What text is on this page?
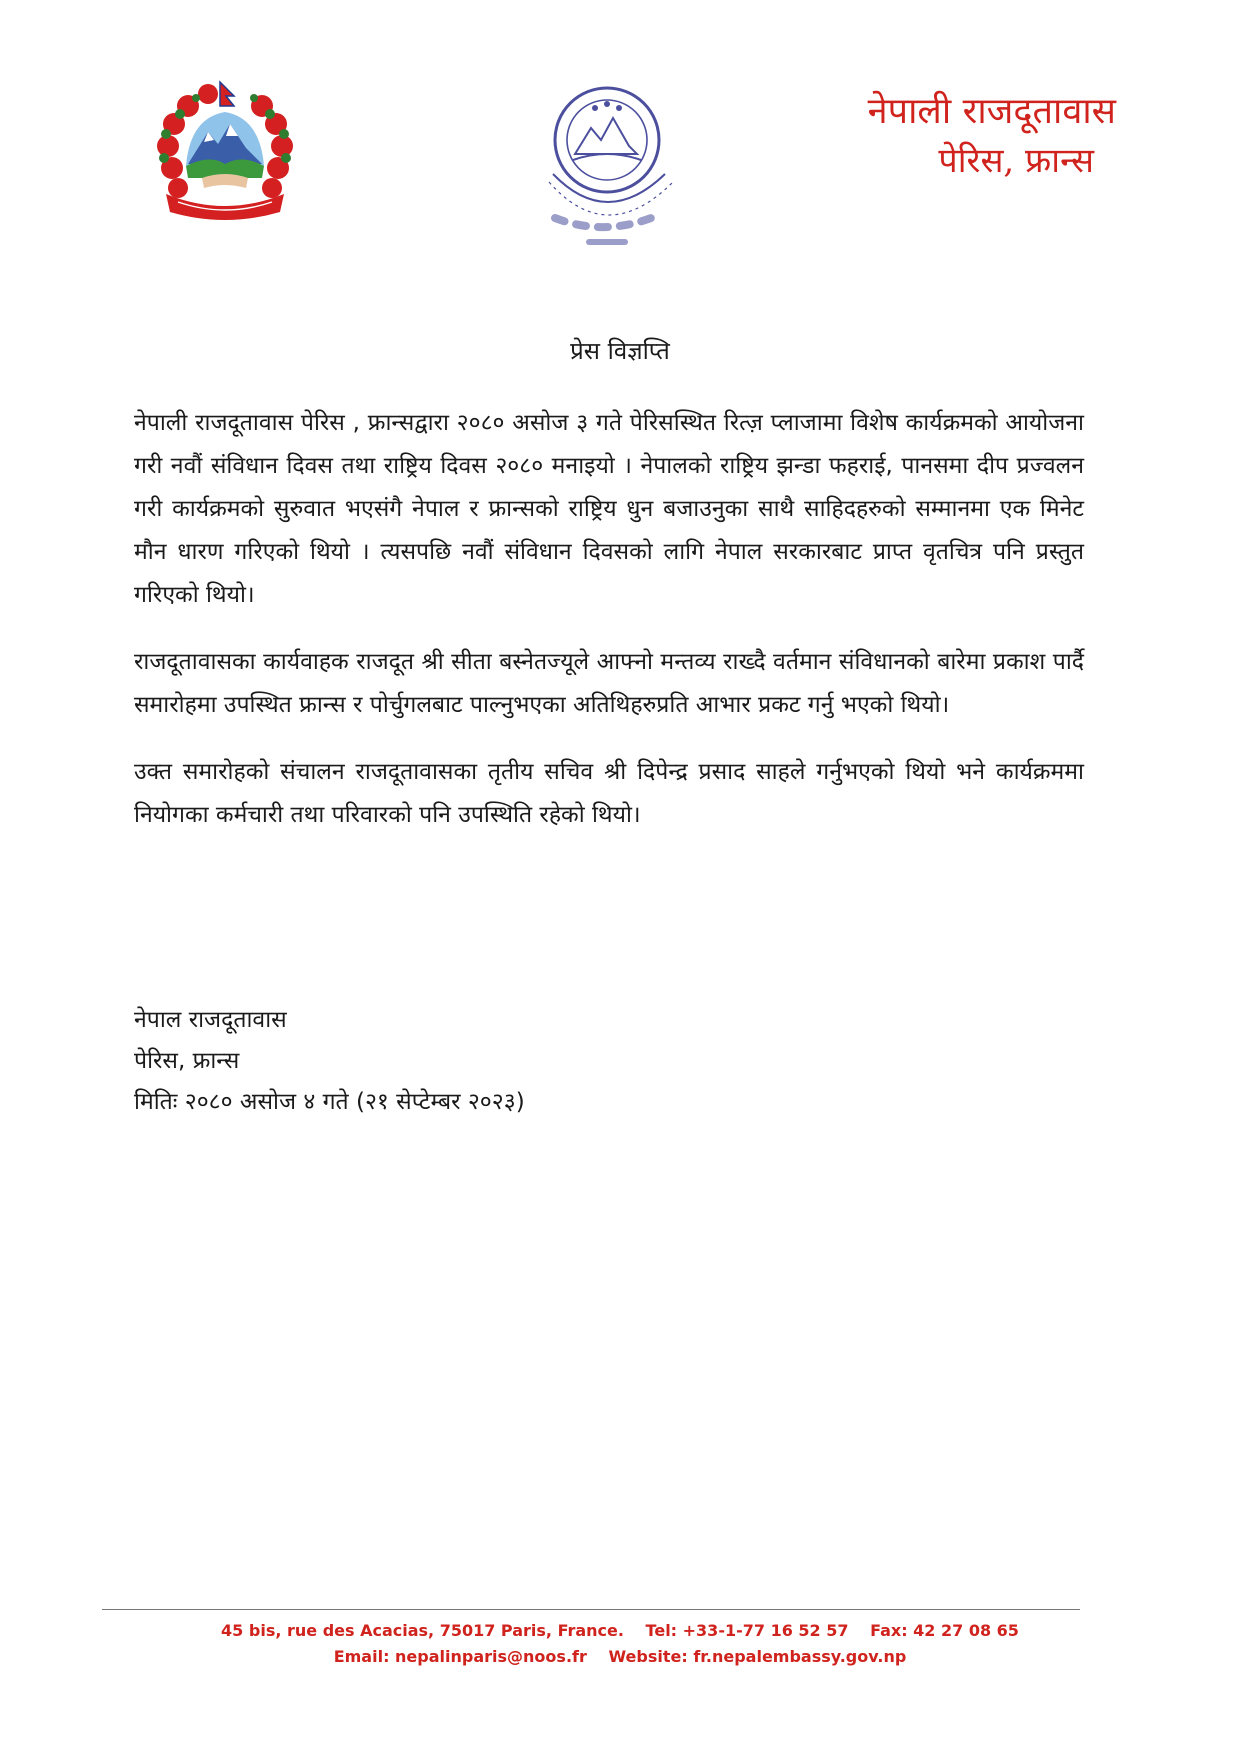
नेपाली राजदूतावास
पेरिस, फ्रान्स
प्रेस विज्ञप्ति

नेपाली राजदूतावास पेरिस , फ्रान्सद्वारा २०८० असोज ३ गते पेरिसस्थित रित्ज़ प्लाजामा विशेष कार्यक्रमको आयोजना गरी नवौं संविधान दिवस तथा राष्ट्रिय दिवस २०८० मनाइयो । नेपालको राष्ट्रिय झन्डा फहराई, पानसमा दीप प्रज्वलन गरी कार्यक्रमको सुरुवात भएसंगै नेपाल र फ्रान्सको राष्ट्रिय धुन बजाउनुका साथै साहिदहरुको सम्मानमा एक मिनेट मौन धारण गरिएको थियो । त्यसपछि नवौं संविधान दिवसको लागि नेपाल सरकारबाट प्राप्त वृतचित्र पनि प्रस्तुत गरिएको थियो।

राजदूतावासका कार्यवाहक राजदूत श्री सीता बस्नेतज्यूले आफ्नो मन्तव्य राख्दै वर्तमान संविधानको बारेमा प्रकाश पार्दै समारोहमा उपस्थित फ्रान्स र पोर्चुगलबाट पाल्नुभएका अतिथिहरुप्रति आभार प्रकट गर्नु भएको थियो।

उक्त समारोहको संचालन राजदूतावासका तृतीय सचिव श्री दिपेन्द्र प्रसाद साहले गर्नुभएको थियो भने कार्यक्रममा नियोगका कर्मचारी तथा परिवारको पनि उपस्थिति रहेको थियो।

नेपाल राजदूतावास
पेरिस, फ्रान्स
मितिः २०८० असोज ४ गते (२१ सेप्टेम्बर २०२३)
45 bis, rue des Acacias, 75017 Paris, France. Tel: +33-1-77 16 52 57 Fax: 42 27 08 65
Email: nepalinparis@noos.fr Website: fr.nepalembassy.gov.np
